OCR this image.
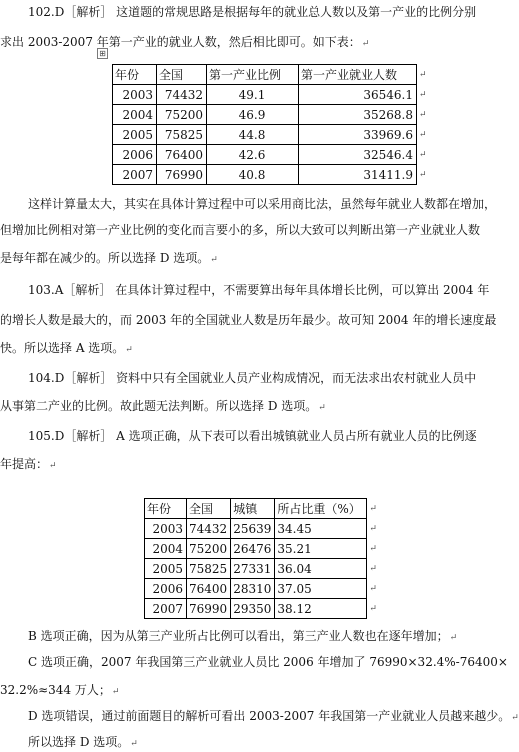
102.D［解析］ 这道题的常规思路是根据每年的就业总人数以及第一产业的比例分别
求出 2003-2007 年第一产业的就业人数，然后相比即可。如下表：↵
⊞
年份	全国	第一产业比例	第一产业就业人数	↵
2003	74432	49.1	36546.1	↵
2004	75200	46.9	35268.8	↵
2005	75825	44.8	33969.6	↵
2006	76400	42.6	32546.4	↵
2007	76990	40.8	31411.9	↵
这样计算量太大，其实在具体计算过程中可以采用商比法，虽然每年就业人数都在增加，
但增加比例相对第一产业比例的变化而言要小的多，所以大致可以判断出第一产业就业人数
是每年都在减少的。所以选择 D 选项。↵
103.A［解析］ 在具体计算过程中，不需要算出每年具体增长比例，可以算出 2004 年
的增长人数是最大的，而 2003 年的全国就业人数是历年最少。故可知 2004 年的增长速度最
快。所以选择 A 选项。↵
104.D［解析］ 资料中只有全国就业人员产业构成情况，而无法求出农村就业人员中
从事第二产业的比例。故此题无法判断。所以选择 D 选项。↵
105.D［解析］ A 选项正确，从下表可以看出城镇就业人员占所有就业人员的比例逐
年提高：↵
年份	全国	城镇	所占比重（%）	↵
2003	74432	25639	34.45	↵
2004	75200	26476	35.21	↵
2005	75825	27331	36.04	↵
2006	76400	28310	37.05	↵
2007	76990	29350	38.12	↵
B 选项正确，因为从第三产业所占比例可以看出，第三产业人数也在逐年增加；↵
C 选项正确，2007 年我国第三产业就业人员比 2006 年增加了 76990×32.4%-76400×
32.2%≈344 万人；↵
D 选项错误，通过前面题目的解析可看出 2003-2007 年我国第一产业就业人员越来越少。↵
所以选择 D 选项。↵
